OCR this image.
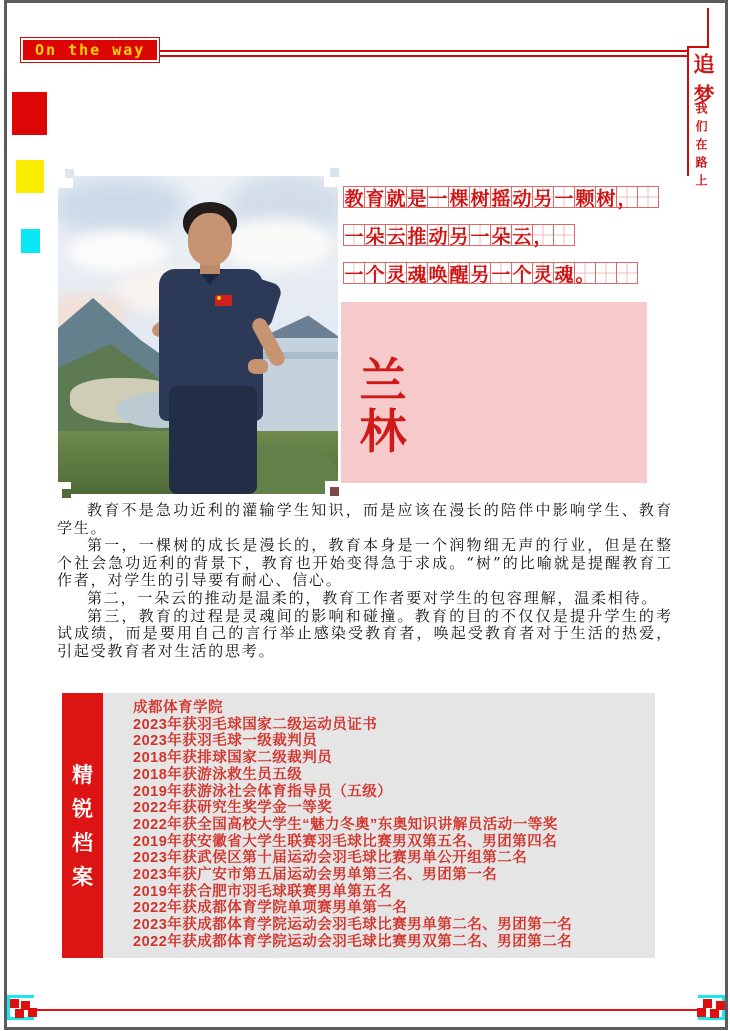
On the way
追梦
我们在路上
教 育 就 是 一 棵 树 摇 动 另 一 颗 树 ，
一 朵 云 推 动 另 一 朵 云 ，
一 个 灵 魂 唤 醒 另 一 个 灵 魂 。
兰
林

教育不是急功近利的灌输学生知识，而是应该在漫长的陪伴中影响学生、教育学生。

第一，一棵树的成长是漫长的，教育本身是一个润物细无声的行业，但是在整个社会急功近利的背景下，教育也开始变得急于求成。“树”的比喻就是提醒教育工作者，对学生的引导要有耐心、信心。

第二，一朵云的推动是温柔的，教育工作者要对学生的包容理解，温柔相待。

第三，教育的过程是灵魂间的影响和碰撞。教育的目的不仅仅是提升学生的考试成绩，而是要用自己的言行举止感染受教育者，唤起受教育者对于生活的热爱，引起受教育者对生活的思考。

精
锐
档
案
成都体育学院
2023年获羽毛球国家二级运动员证书
2023年获羽毛球一级裁判员
2018年获排球国家二级裁判员
2018年获游泳救生员五级
2019年获游泳社会体育指导员（五级）
2022年获研究生奖学金一等奖
2022年获全国高校大学生“魅力冬奥”东奥知识讲解员活动一等奖
2019年获安徽省大学生联赛羽毛球比赛男双第五名、男团第四名
2023年获武侯区第十届运动会羽毛球比赛男单公开组第二名
2023年获广安市第五届运动会男单第三名、男团第一名
2019年获合肥市羽毛球联赛男单第五名
2022年获成都体育学院单项赛男单第一名
2023年获成都体育学院运动会羽毛球比赛男单第二名、男团第一名
2022年获成都体育学院运动会羽毛球比赛男双第二名、男团第二名
